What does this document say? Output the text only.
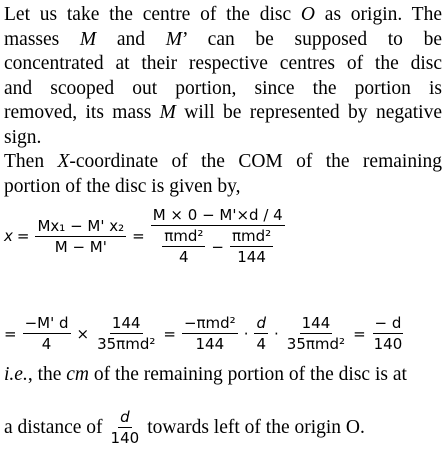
Let us take the centre of the disc O as origin. The
masses M and M’ can be supposed to be
concentrated at their respective centres of the disc
and scooped out portion, since the portion is
removed, its mass M will be represented by negative
sign.
Then X-coordinate of the COM of the remaining
portion of the disc is given by,
$x = \frac{\text{Mx₁ − M' x₂}}{M - M'}$ =
M × 0 − M'×d / 4
$\frac{\text{πmd²}}{4} - \frac{\text{πmd²}}{144}$
= $\frac{-M' d}{4} \times \frac{144}{\text{35πmd²}} = \frac{\text{−πmd²}}{144} \cdot \frac{d}{4} \cdot \frac{144}{\text{35πmd²}} = \frac{- d}{140}$
i.e., the cm of the remaining portion of the disc is at
a distance of $\frac{d}{140}$ towards left of the origin O.
